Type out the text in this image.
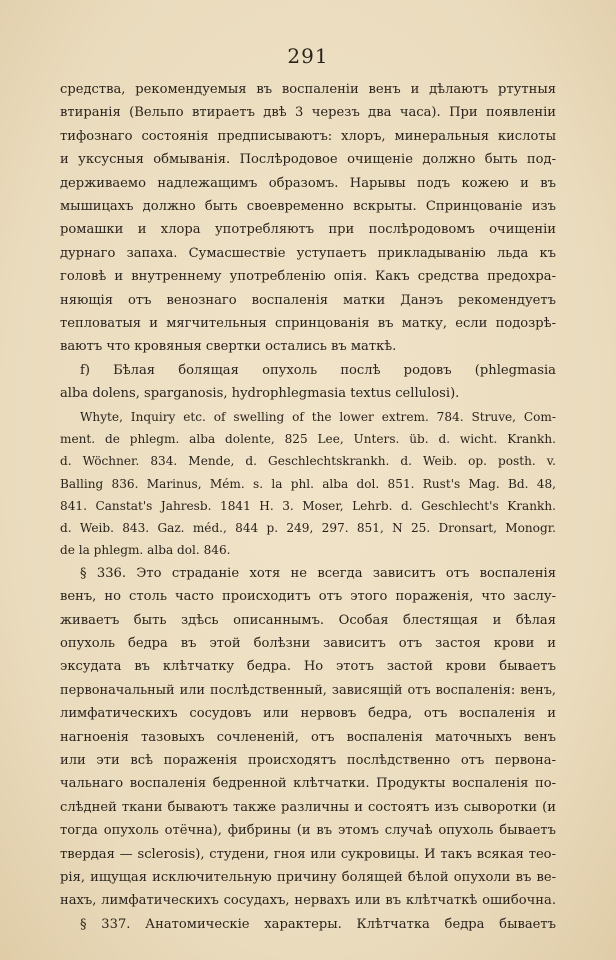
291
средства, рекомендуемыя въ воспаленіи венъ и дѣлаютъ ртутныя
втиранія (Вельпо втираетъ двѣ 3 черезъ два часа). При появленіи
тифознаго состоянія предписываютъ: хлоръ, минеральныя кислоты
и уксусныя обмыванія. Послѣродовое очищеніе должно быть под-
держиваемо надлежащимъ образомъ. Нарывы подъ кожею и въ
мышицахъ должно быть своевременно вскрыты. Спринцованіе изъ
ромашки и хлора употребляютъ при послѣродовомъ очищеніи
дурнаго запаха. Сумасшествіе уступаетъ прикладыванію льда къ
головѣ и внутреннему употребленію опія. Какъ средства предохра-
няющія отъ венознаго воспаленія матки Данэъ рекомендуетъ
тепловатыя и мягчительныя спринцованія въ матку, если подозрѣ-
ваютъ что кровяныя свертки остались въ маткѣ.
f) Бѣлая болящая опухоль послѣ родовъ (phlegmasia
alba dolens, sparganosis, hydrophlegmasia textus cellulosi).
Whyte, Inquiry etc. of swelling of the lower extrem. 784. Struve, Com-
ment. de phlegm. alba dolente, 825 Lee, Unters. üb. d. wicht. Krankh.
d. Wöchner. 834. Mende, d. Geschlechtskrankh. d. Weib. op. posth. v.
Balling 836. Marinus, Mém. s. la phl. alba dol. 851. Rust's Mag. Bd. 48,
841. Canstat's Jahresb. 1841 H. 3. Moser, Lehrb. d. Geschlecht's Krankh.
d. Weib. 843. Gaz. méd., 844 p. 249, 297. 851, N 25. Dronsart, Monogr.
de la phlegm. alba dol. 846.
§ 336. Это страданіе хотя не всегда зависитъ отъ воспаленія
венъ, но столь часто происходитъ отъ этого пораженія, что заслу-
живаетъ быть здѣсь описаннымъ. Особая блестящая и бѣлая
опухоль бедра въ этой болѣзни зависитъ отъ застоя крови и
эксудата въ клѣтчатку бедра. Но этотъ застой крови бываетъ
первоначальный или послѣдственный, зависящій отъ воспаленія: венъ,
лимфатическихъ сосудовъ или нервовъ бедра, отъ воспаленія и
нагноенія тазовыхъ сочлененій, отъ воспаленія маточныхъ венъ
или эти всѣ пораженія происходятъ послѣдственно отъ первона-
чальнаго воспаленія бедренной клѣтчатки. Продукты воспаленія по-
слѣдней ткани бываютъ также различны и состоятъ изъ сыворотки (и
тогда опухоль отёчна), фибрины (и въ этомъ случаѣ опухоль бываетъ
твердая — sclerosis), студени, гноя или сукровицы. И такъ всякая тео-
рія, ищущая исключительную причину болящей бѣлой опухоли въ ве-
нахъ, лимфатическихъ сосудахъ, нервахъ или въ клѣтчаткѣ ошибочна.
§ 337. Анатомическіе характеры. Клѣтчатка бедра бываетъ
